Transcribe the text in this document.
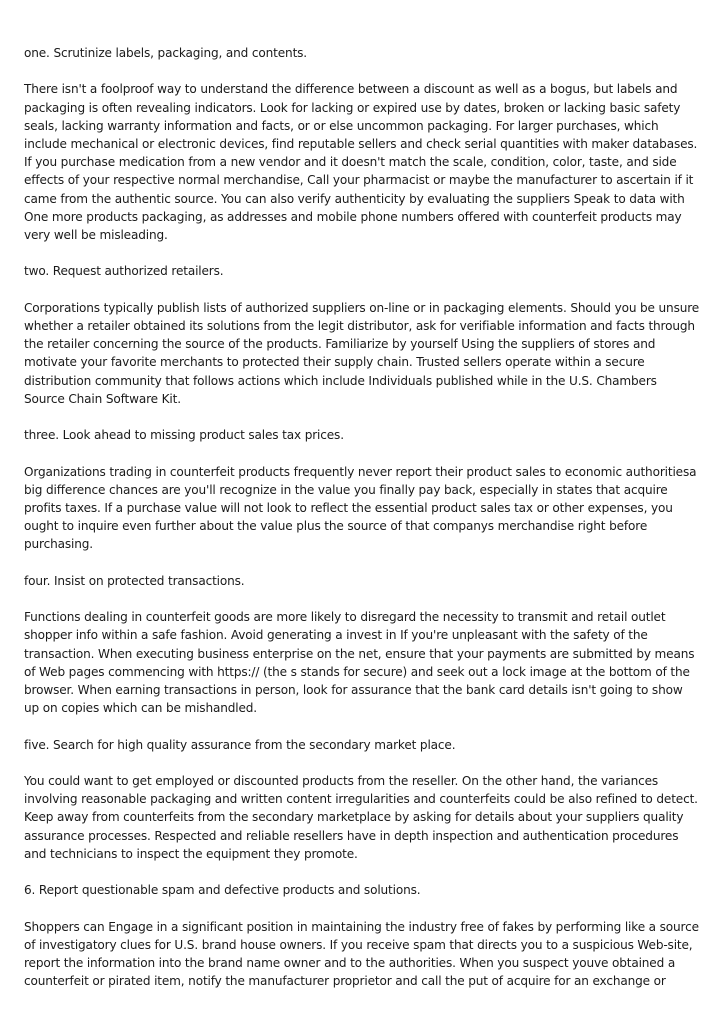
one. Scrutinize labels, packaging, and contents.

There isn't a foolproof way to understand the difference between a discount as well as a bogus, but labels and packaging is often revealing indicators. Look for lacking or expired use by dates, broken or lacking basic safety seals, lacking warranty information and facts, or or else uncommon packaging. For larger purchases, which include mechanical or electronic devices, find reputable sellers and check serial quantities with maker databases. If you purchase medication from a new vendor and it doesn't match the scale, condition, color, taste, and side effects of your respective normal merchandise, Call your pharmacist or maybe the manufacturer to ascertain if it came from the authentic source. You can also verify authenticity by evaluating the suppliers Speak to data with One more products packaging, as addresses and mobile phone numbers offered with counterfeit products may very well be misleading.

two. Request authorized retailers.

Corporations typically publish lists of authorized suppliers on-line or in packaging elements. Should you be unsure whether a retailer obtained its solutions from the legit distributor, ask for verifiable information and facts through the retailer concerning the source of the products. Familiarize by yourself Using the suppliers of stores and motivate your favorite merchants to protected their supply chain. Trusted sellers operate within a secure distribution community that follows actions which include Individuals published while in the U.S. Chambers Source Chain Software Kit.

three. Look ahead to missing product sales tax prices.

Organizations trading in counterfeit products frequently never report their product sales to economic authoritiesa big difference chances are you'll recognize in the value you finally pay back, especially in states that acquire profits taxes. If a purchase value will not look to reflect the essential product sales tax or other expenses, you ought to inquire even further about the value plus the source of that companys merchandise right before purchasing.

four. Insist on protected transactions.

Functions dealing in counterfeit goods are more likely to disregard the necessity to transmit and retail outlet shopper info within a safe fashion. Avoid generating a invest in If you're unpleasant with the safety of the transaction. When executing business enterprise on the net, ensure that your payments are submitted by means of Web pages commencing with https:// (the s stands for secure) and seek out a lock image at the bottom of the browser. When earning transactions in person, look for assurance that the bank card details isn't going to show up on copies which can be mishandled.

five. Search for high quality assurance from the secondary market place.

You could want to get employed or discounted products from the reseller. On the other hand, the variances involving reasonable packaging and written content irregularities and counterfeits could be also refined to detect. Keep away from counterfeits from the secondary marketplace by asking for details about your suppliers quality assurance processes. Respected and reliable resellers have in depth inspection and authentication procedures and technicians to inspect the equipment they promote.

6. Report questionable spam and defective products and solutions.

Shoppers can Engage in a significant position in maintaining the industry free of fakes by performing like a source of investigatory clues for U.S. brand house owners. If you receive spam that directs you to a suspicious Web-site, report the information into the brand name owner and to the authorities. When you suspect youve obtained a counterfeit or pirated item, notify the manufacturer proprietor and call the put of acquire for an exchange or
